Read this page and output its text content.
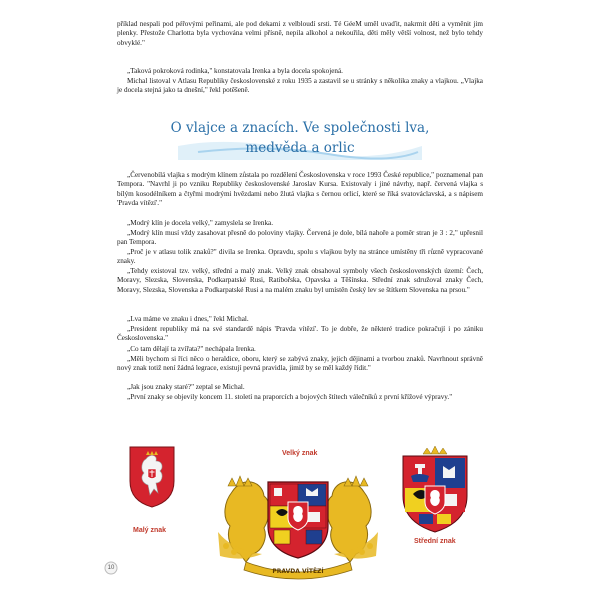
příklad nespali pod péřovými peřinami, ale pod dekami z velbloudí srsti. Té GéeM uměl uvaďit, nakrmit děti a vyměnit jim plenky. Přestože Charlotta byla vychována velmi přísně, nepila alkohol a nekouřila, děti měly větší volnost, než bylo tehdy obvyklé."

„Taková pokroková rodinka," konstatovala Irenka a byla docela spokojená.

Michal listoval v Atlasu Republiky československé z roku 1935 a zastavil se u stránky s několika znaky a vlajkou. „Vlajka je docela stejná jako ta dnešní," řekl potěšeně.

O vlajce a znacích. Ve společnosti lva,
medvěda a orlic

„Červenobílá vlajka s modrým klínem zůstala po rozdělení Československa v roce 1993 České republice," poznamenal pan Tempora. "Navrhl ji po vzniku Republiky československé Jaroslav Kursa. Existovaly i jiné návrhy, např. červená vlajka s bílým kosodélníkem a čtyřmi modrými hvězdami nebo žlutá vlajka s černou orlicí, které se říká svatováclavská, a s nápisem 'Pravda vítězí'."

„Modrý klín je docela velký," zamyslela se Irenka.

„Modrý klín musí vždy zasahovat přesně do poloviny vlajky. Červená je dole, bílá nahoře a poměr stran je 3 : 2," upřesnil pan Tempora.

„Proč je v atlasu tolik znaků?" divila se Irenka. Opravdu, spolu s vlajkou byly na stránce umístěny tři různě vypracované znaky.

„Tehdy existoval tzv. velký, střední a malý znak. Velký znak obsahoval symboly všech československých území: Čech, Moravy, Slezska, Slovenska, Podkarpatské Rusi, Ratibořska, Opavska a Těšínska. Střední znak sdružoval znaky Čech, Moravy, Slezska, Slovenska a Podkarpatské Rusi a na malém znaku byl umístěn český lev se štítkem Slovenska na prsou."

„Lva máme ve znaku i dnes," řekl Michal.

„President republiky má na své standardě nápis 'Pravda vítězí'. To je dobře, že některé tradice pokračují i po zániku Československa."

„Co tam dělají ta zvířata?" nechápala Irenka.

„Měli bychom si říci něco o heraldice, oboru, který se zabývá znaky, jejich dějinami a tvorbou znaků. Navrhnout správně nový znak totiž není žádná legrace, existují pevná pravidla, jimiž by se měl každý řídit."

„Jak jsou znaky staré?" zeptal se Michal.

„První znaky se objevily koncem 11. století na praporcích a bojových štítech válečníků z první křížové výpravy."

Malý znak
Velký znak
PRAVDA VÍTĚZÍ
Střední znak
10
